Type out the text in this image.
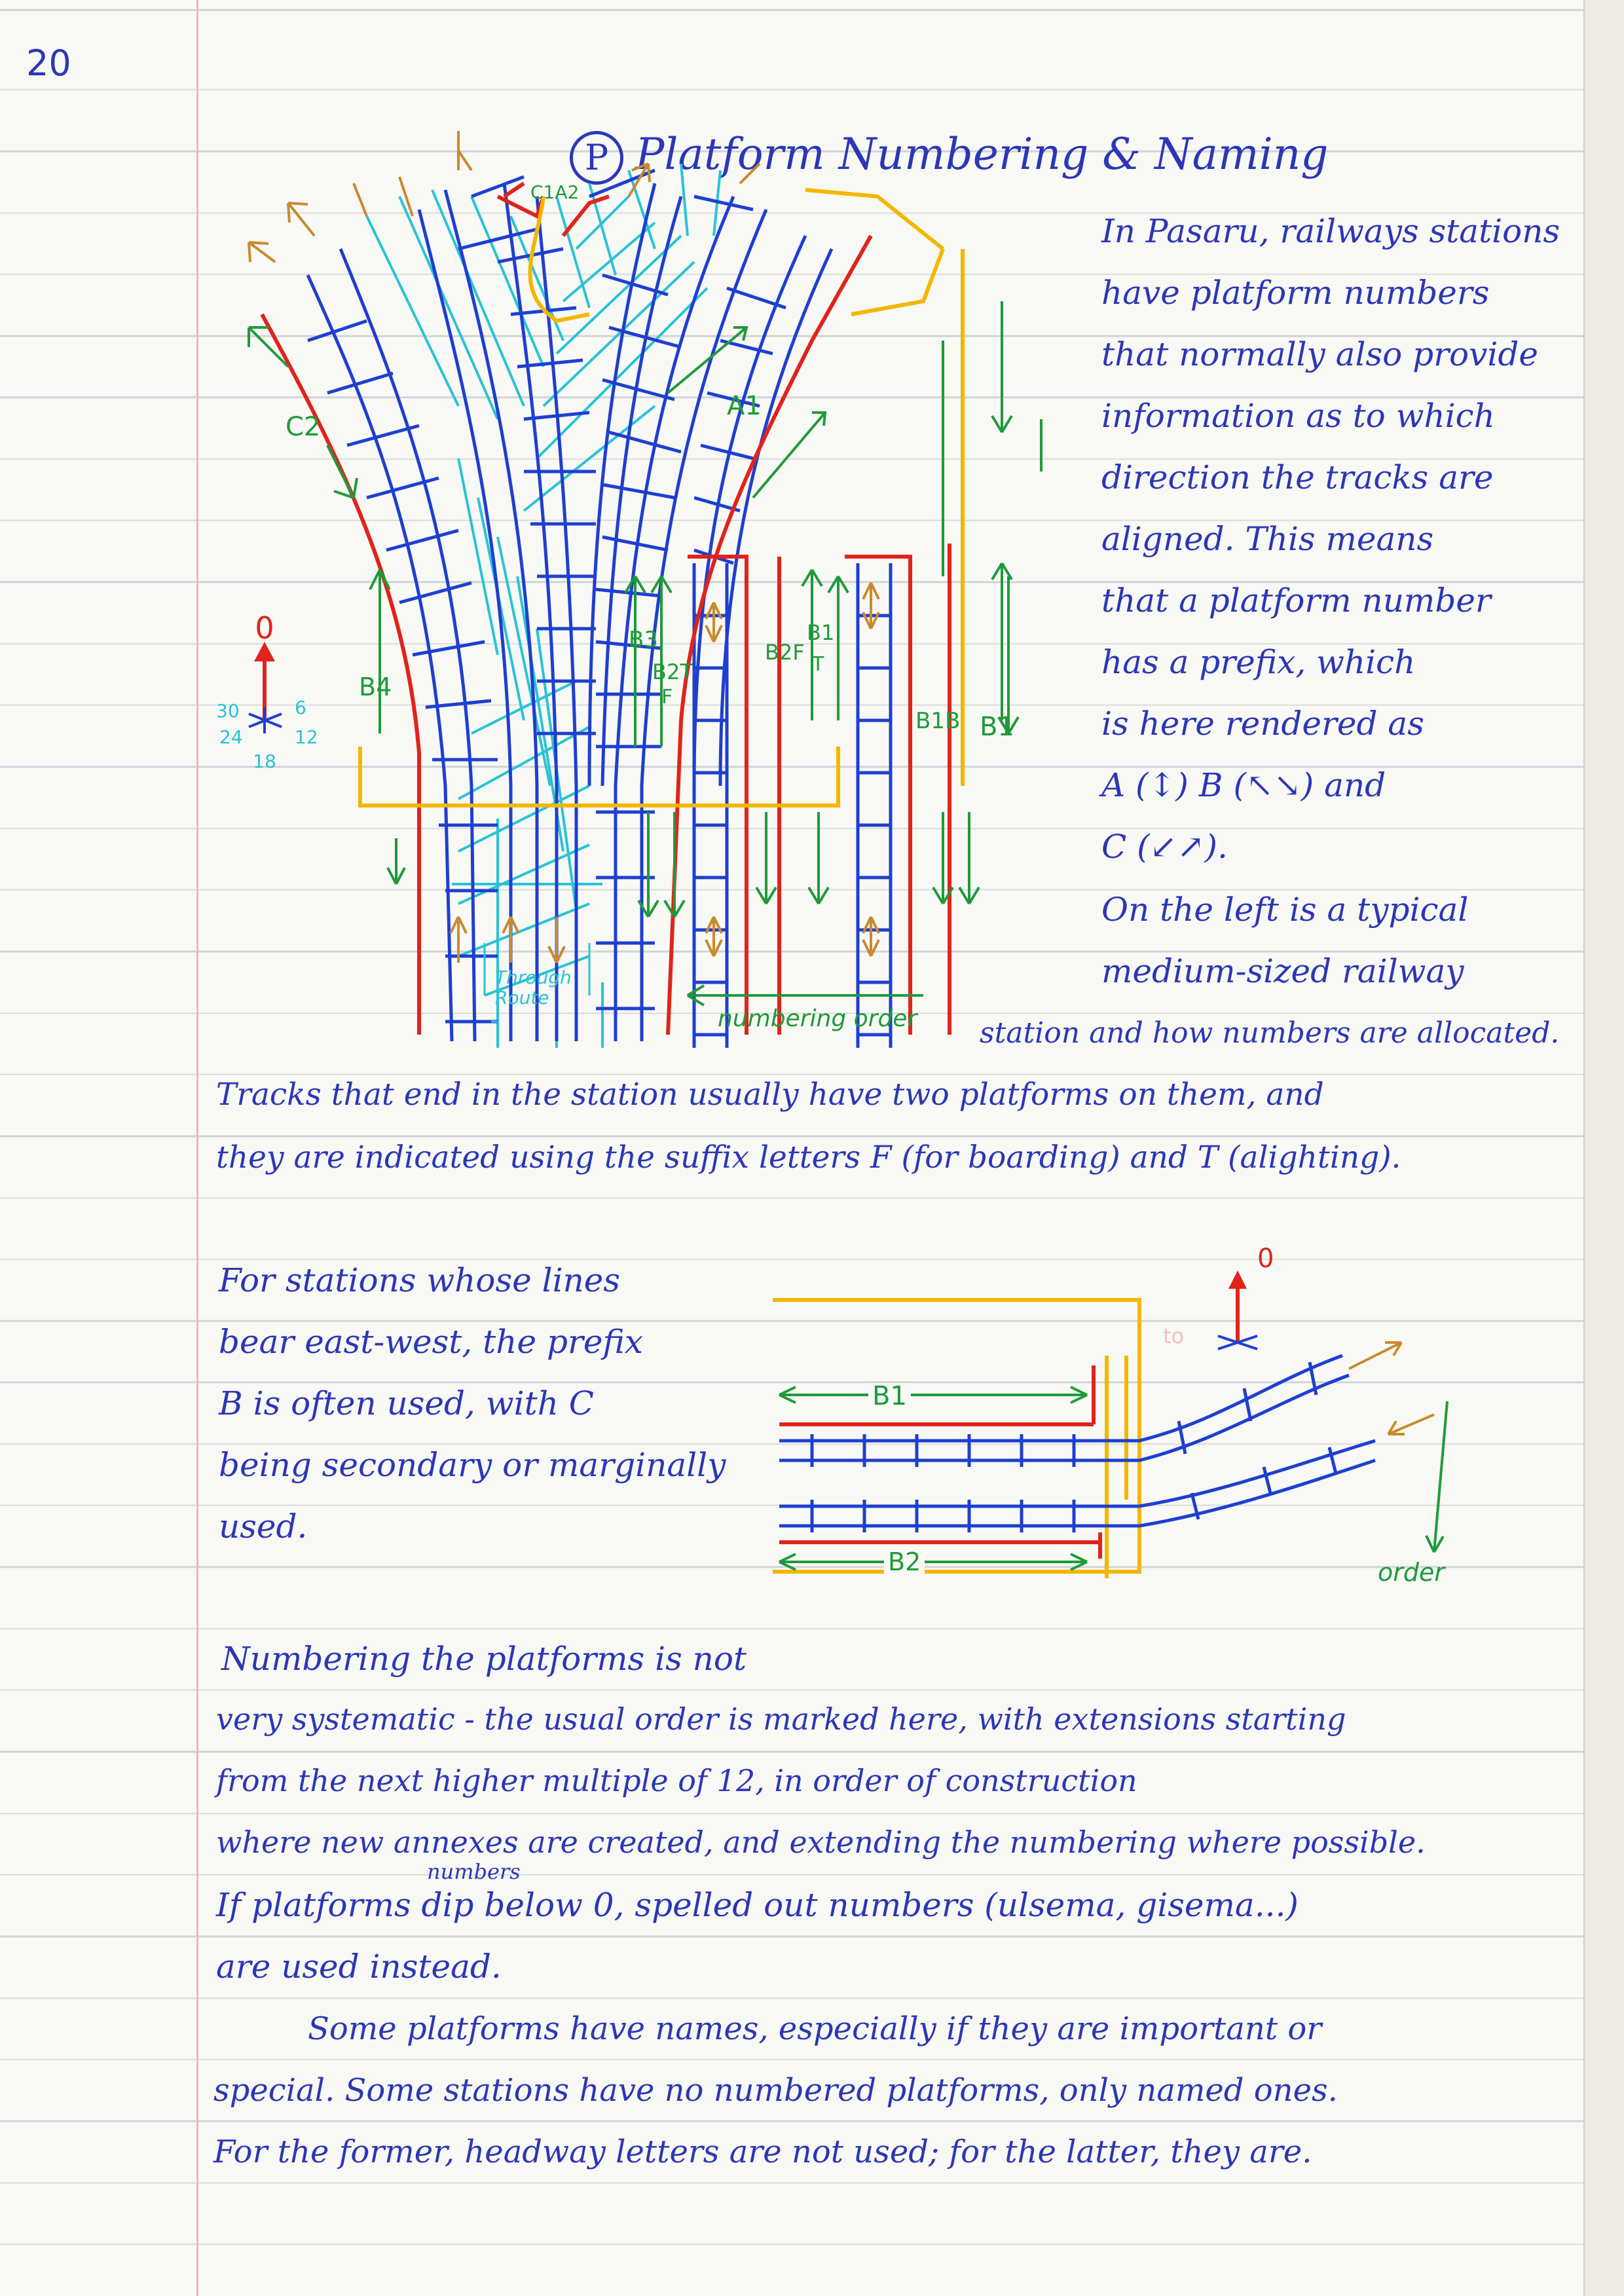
20
P Platform Numbering & Naming
In Pasaru, railways stations
have platform numbers
that normally also provide
information as to which
direction the tracks are
aligned. This means
that a platform number
has a prefix, which
is here rendered as
A (↕) B (↖↘) and
C (↙↗).
On the left is a typical
medium-sized railway
station and how numbers are allocated.
Tracks that end in the station usually have two platforms on them, and
they are indicated using the suffix letters F (for boarding) and T (alighting).
For stations whose lines
bear east-west, the prefix
B is often used, with C
being secondary or marginally
used.
Numbering the platforms is not
very systematic - the usual order is marked here, with extensions starting
from the next higher multiple of 12, in order of construction
where new annexes are created, and extending the numbering where possible.
numbers
If platforms dip below 0, spelled out numbers (ulsema, gisema...)
are used instead.
Some platforms have names, especially if they are important or
special. Some stations have no numbered platforms, only named ones.
For the former, headway letters are not used; for the latter, they are.
0
6
12
18
24
30
C1A2
A1
C2
B4
B3
B2T
F
B2F
B1
T
B1B B1
Through
Route
numbering order
0
B1
B2	order
to
